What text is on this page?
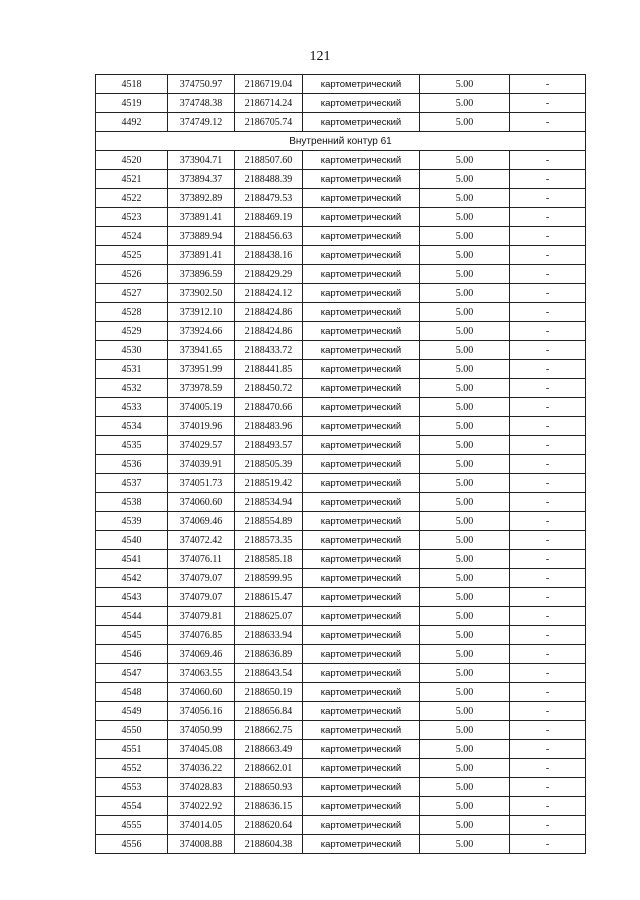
121
4518	374750.97	2186719.04	картометрический	5.00	-
4519	374748.38	2186714.24	картометрический	5.00	-
4492	374749.12	2186705.74	картометрический	5.00	-
Внутренний контур 61					
4520	373904.71	2188507.60	картометрический	5.00	-
4521	373894.37	2188488.39	картометрический	5.00	-
4522	373892.89	2188479.53	картометрический	5.00	-
4523	373891.41	2188469.19	картометрический	5.00	-
4524	373889.94	2188456.63	картометрический	5.00	-
4525	373891.41	2188438.16	картометрический	5.00	-
4526	373896.59	2188429.29	картометрический	5.00	-
4527	373902.50	2188424.12	картометрический	5.00	-
4528	373912.10	2188424.86	картометрический	5.00	-
4529	373924.66	2188424.86	картометрический	5.00	-
4530	373941.65	2188433.72	картометрический	5.00	-
4531	373951.99	2188441.85	картометрический	5.00	-
4532	373978.59	2188450.72	картометрический	5.00	-
4533	374005.19	2188470.66	картометрический	5.00	-
4534	374019.96	2188483.96	картометрический	5.00	-
4535	374029.57	2188493.57	картометрический	5.00	-
4536	374039.91	2188505.39	картометрический	5.00	-
4537	374051.73	2188519.42	картометрический	5.00	-
4538	374060.60	2188534.94	картометрический	5.00	-
4539	374069.46	2188554.89	картометрический	5.00	-
4540	374072.42	2188573.35	картометрический	5.00	-
4541	374076.11	2188585.18	картометрический	5.00	-
4542	374079.07	2188599.95	картометрический	5.00	-
4543	374079.07	2188615.47	картометрический	5.00	-
4544	374079.81	2188625.07	картометрический	5.00	-
4545	374076.85	2188633.94	картометрический	5.00	-
4546	374069.46	2188636.89	картометрический	5.00	-
4547	374063.55	2188643.54	картометрический	5.00	-
4548	374060.60	2188650.19	картометрический	5.00	-
4549	374056.16	2188656.84	картометрический	5.00	-
4550	374050.99	2188662.75	картометрический	5.00	-
4551	374045.08	2188663.49	картометрический	5.00	-
4552	374036.22	2188662.01	картометрический	5.00	-
4553	374028.83	2188650.93	картометрический	5.00	-
4554	374022.92	2188636.15	картометрический	5.00	-
4555	374014.05	2188620.64	картометрический	5.00	-
4556	374008.88	2188604.38	картометрический	5.00	-
